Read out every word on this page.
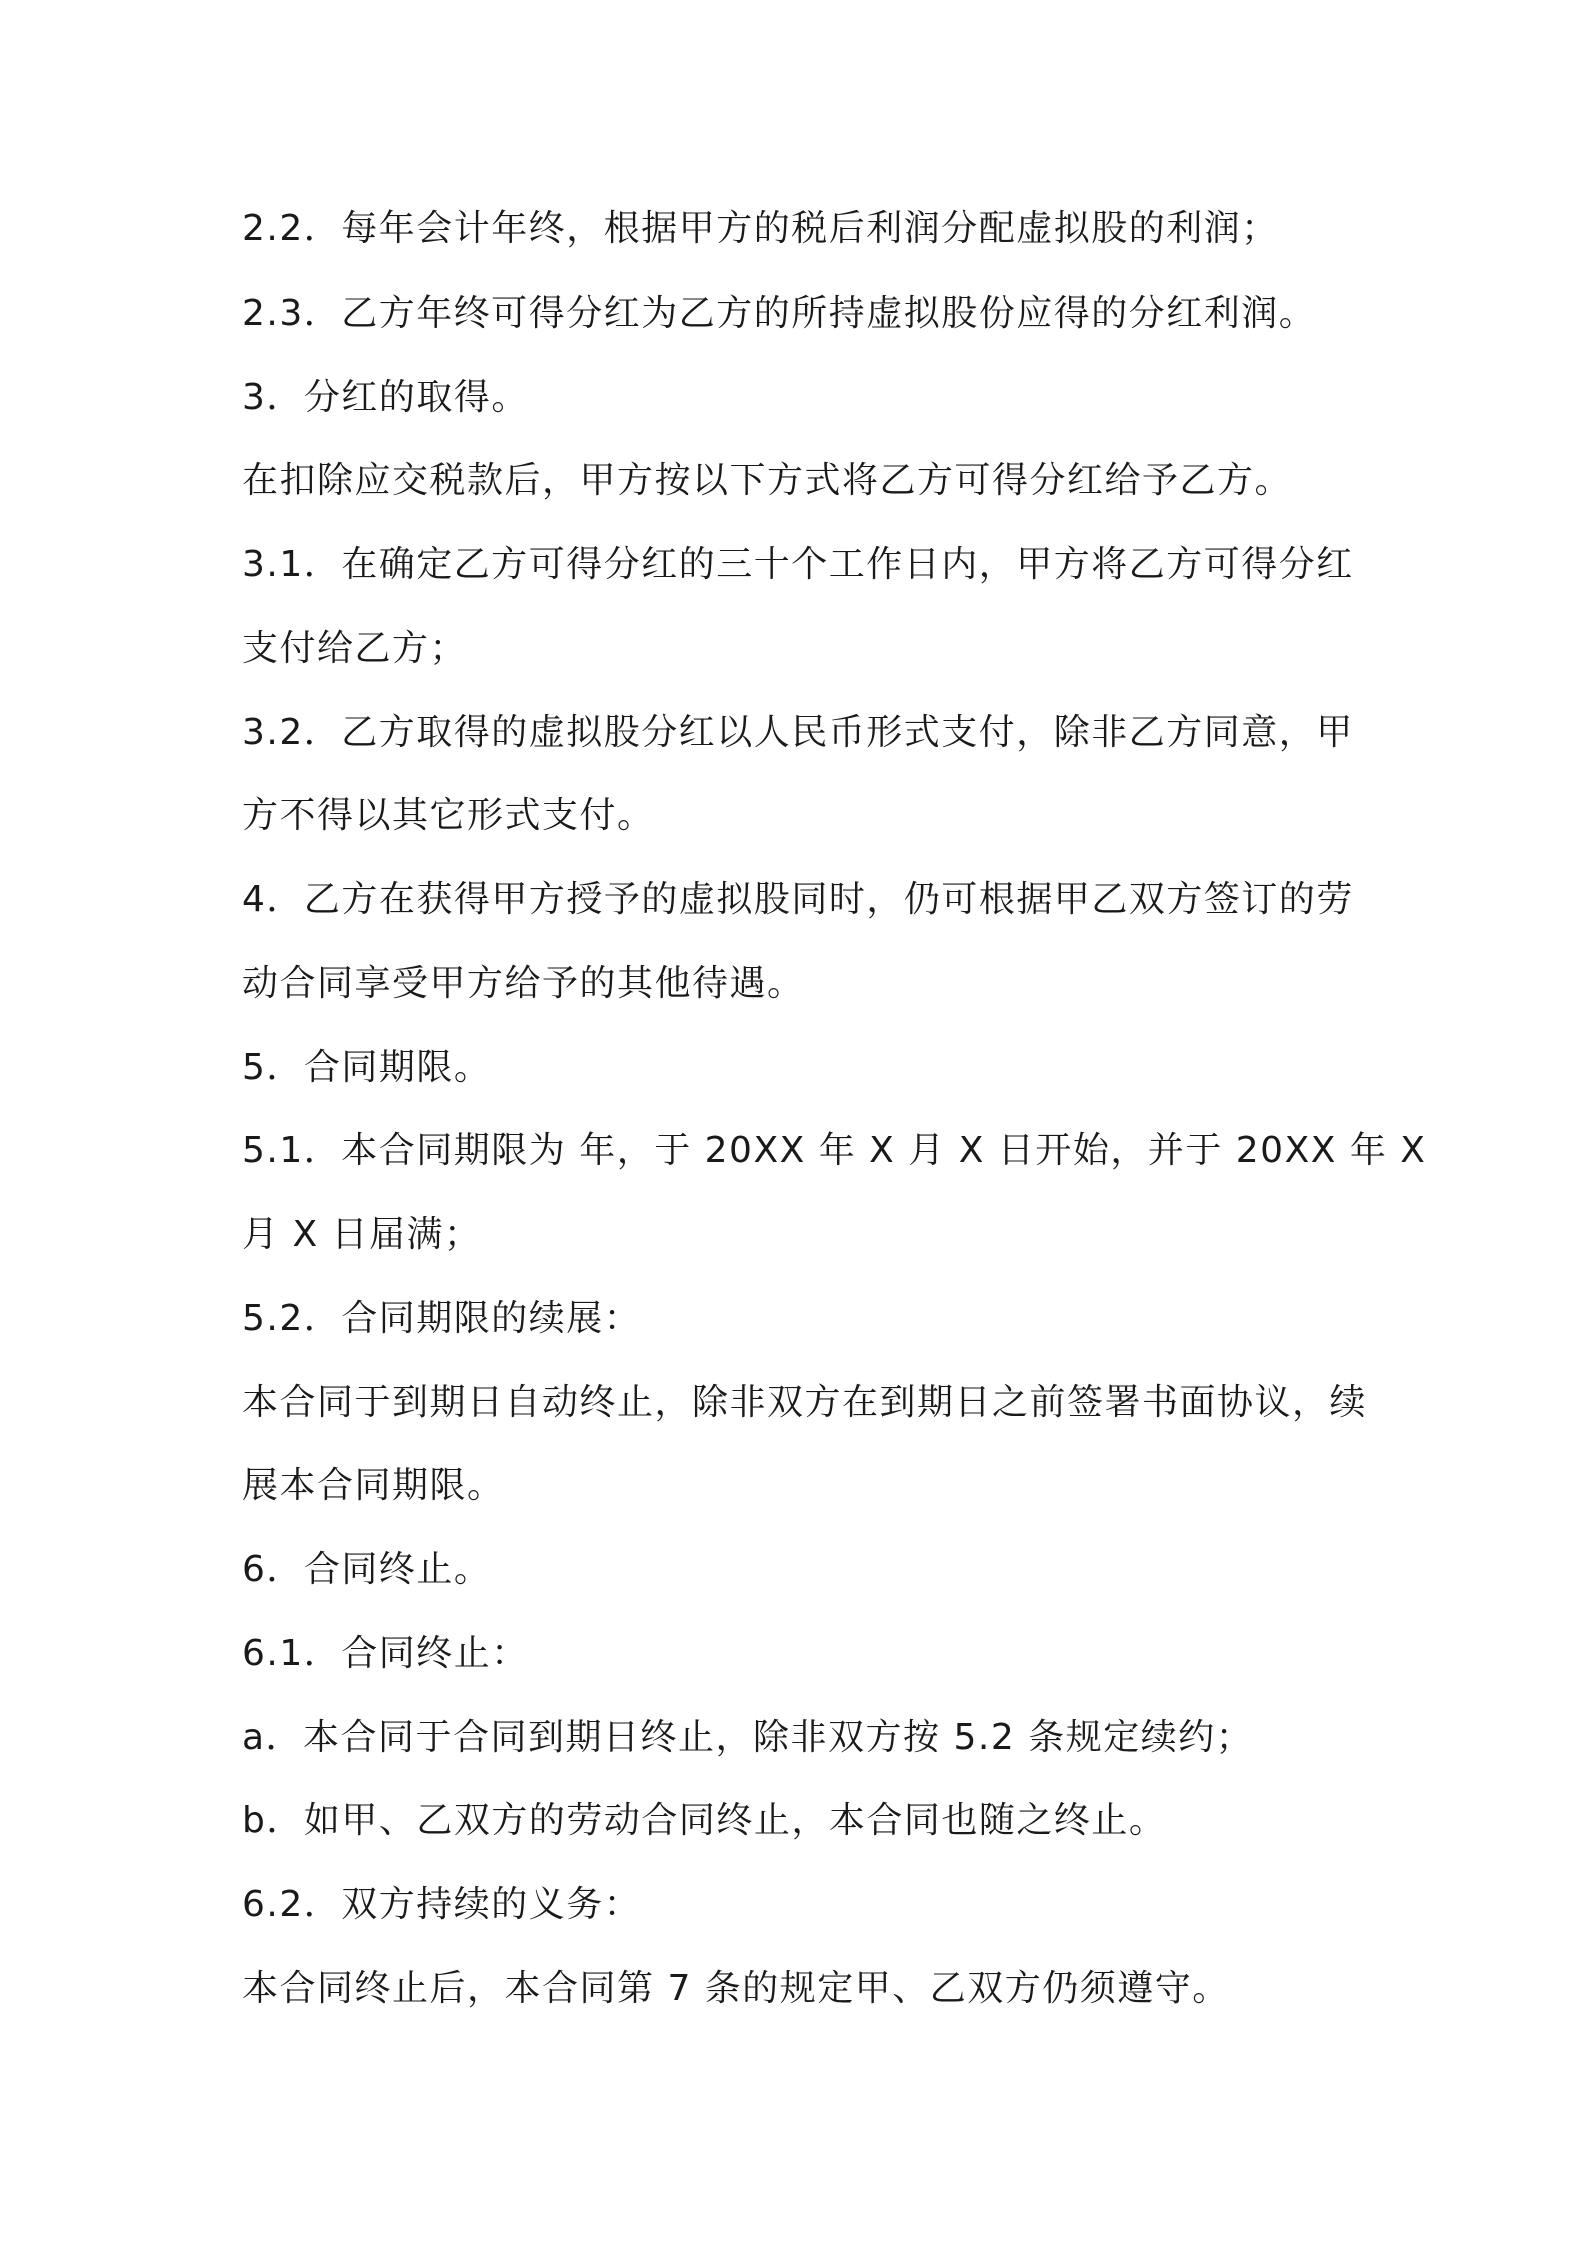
2.2．每年会计年终，根据甲方的税后利润分配虚拟股的利润；
2.3．乙方年终可得分红为乙方的所持虚拟股份应得的分红利润。
3．分红的取得。
在扣除应交税款后，甲方按以下方式将乙方可得分红给予乙方。
3.1．在确定乙方可得分红的三十个工作日内，甲方将乙方可得分红
支付给乙方；
3.2．乙方取得的虚拟股分红以人民币形式支付，除非乙方同意，甲
方不得以其它形式支付。
4．乙方在获得甲方授予的虚拟股同时，仍可根据甲乙双方签订的劳
动合同享受甲方给予的其他待遇。
5．合同期限。
5.1．本合同期限为 年，于 20XX 年 X 月 X 日开始，并于 20XX 年 X
月 X 日届满；
5.2．合同期限的续展：
本合同于到期日自动终止，除非双方在到期日之前签署书面协议，续
展本合同期限。
6．合同终止。
6.1．合同终止：
a．本合同于合同到期日终止，除非双方按 5.2 条规定续约；
b．如甲、乙双方的劳动合同终止，本合同也随之终止。
6.2．双方持续的义务：
本合同终止后，本合同第 7 条的规定甲、乙双方仍须遵守。
